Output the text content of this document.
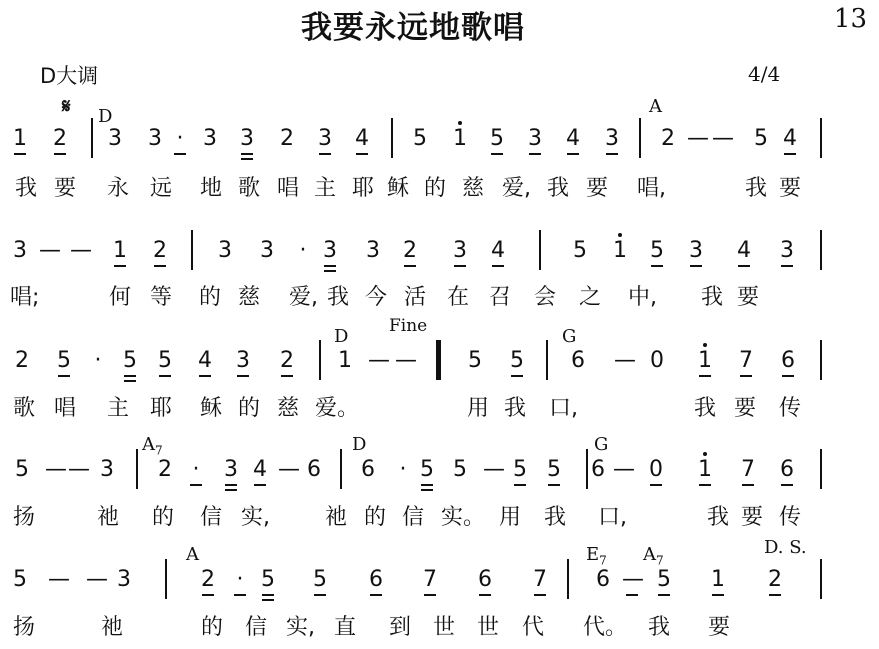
我要永远地歌唱	13
D大调	4/4
𝄋
1 2 3 3 · 3 3 2 3 4 5 1 5 3 4 3 2 — — 5 4
我 要 永 远 地 歌 唱 主 耶 稣 的 慈 爱, 我 要 唱,	我 要
D	A
3 — — 1 2 3 3 · 3 3 2 3 4	5 1 5 3 4 3
唱;	何 等 的 慈 爱, 我 今 活 在 召 会 之 中, 我 要
2 5 · 5 5 4 3 2 1 — — 5 5 6 — 0 1 7 6
歌 唱 主 耶 稣 的 慈 爱。	用 我 口,	我 要 传
D Fine	G
5 — — 3 2 · 3 4 — 6 6 · 5 5 — 5 5 6 — 0 1 7 6
扬	祂 的 信 实, 祂 的 信 实。 用 我 口,	我 要 传
$A_7$	D	G
5 — — 3	2 · 5 5 6 7 6 7 6 — 5 1 2
扬	祂	的 信 实, 直 到 世 世 代 代。 我 要
A	$E_7$ $A_7$
D. S.
